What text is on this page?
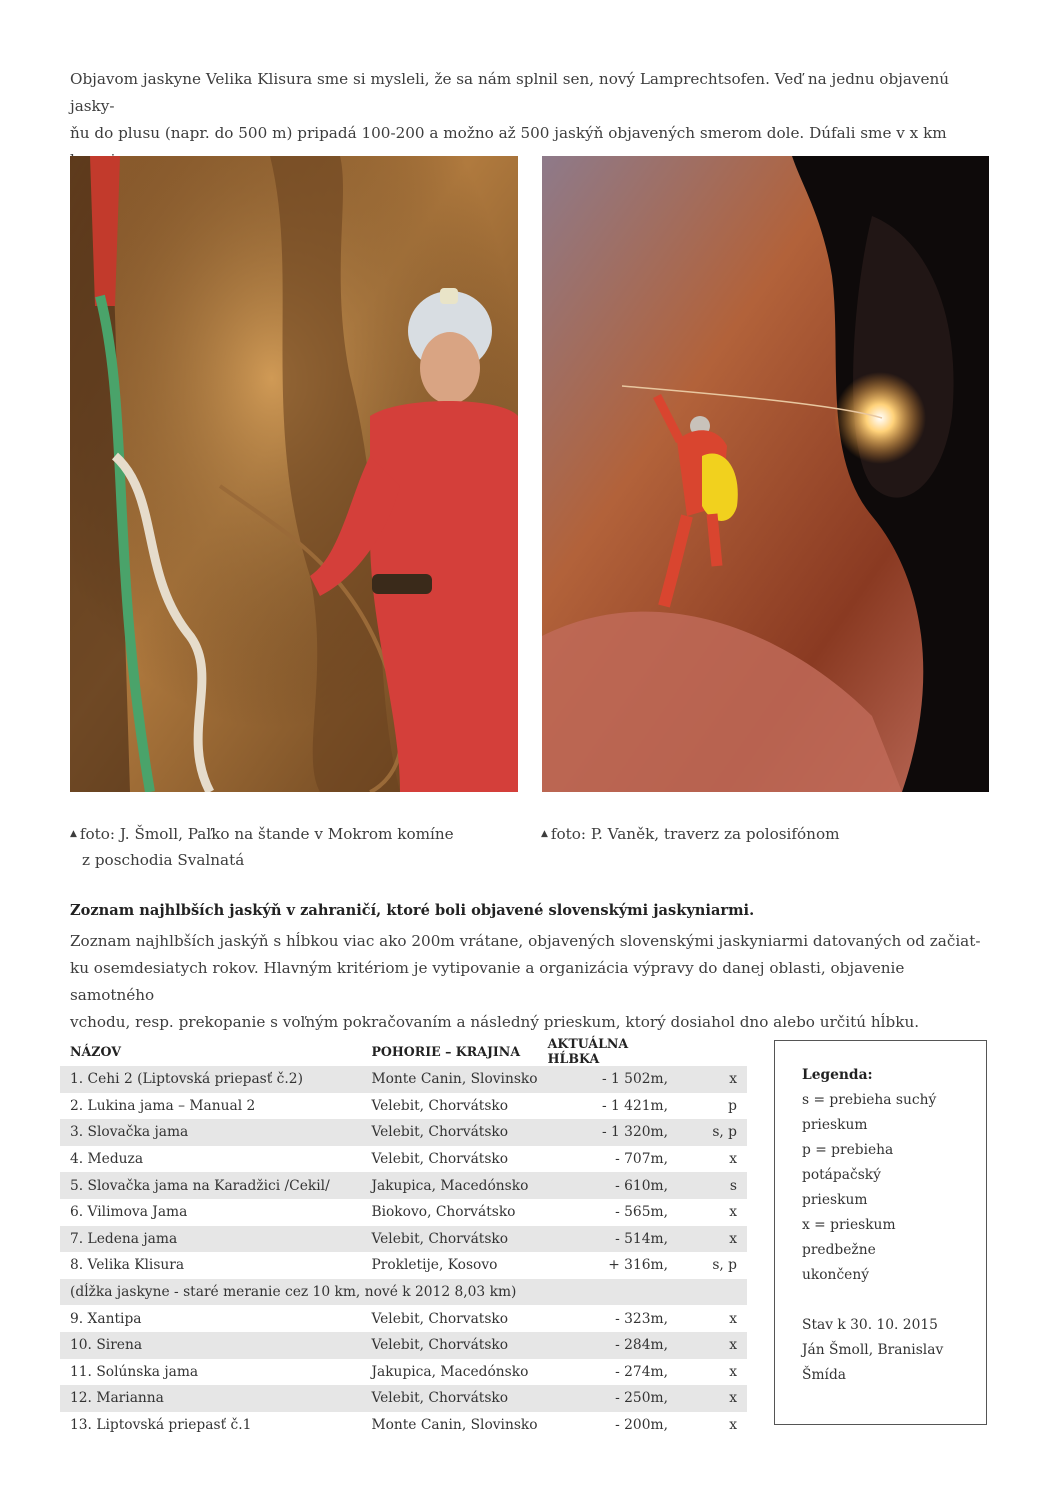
Objavom jaskyne Velika Klisura sme si mysleli, že sa nám splnil sen, nový Lamprechtsofen. Veď na jednu objavenú jasky-
ňu do plusu (napr. do 500 m) pripadá 100-200 a možno až 500 jaskýň objavených smerom dole. Dúfali sme v x km

▲ foto: J. Šmoll, Paľko na štande v Mokrom komíne
z poschodia Svalnatá
▲ foto: P. Vaněk, traverz za polosifónom

Zoznam najhlbších jaskýň v zahraničí, ktoré boli objavené slovenskými jaskyniarmi.

Zoznam najhlbších jaskýň s hĺbkou viac ako 200m vrátane, objavených slovenskými jaskyniarmi datovaných od začiat-
ku osemdesiatych rokov. Hlavným kritériom je vytipovanie a organizácia výpravy do danej oblasti, objavenie samotného
vchodu, resp. prekopanie s voľným pokračovaním a následný prieskum, ktorý dosiahol dno alebo určitú hĺbku.

NÁZOV	POHORIE – KRAJINA	AKTUÁLNA HĹBKA	
1. Cehi 2 (Liptovská priepasť č.2)	Monte Canin, Slovinsko	- 1 502m,	x
2. Lukina jama – Manual 2	Velebit, Chorvátsko	- 1 421m,	p
3. Slovačka jama	Velebit, Chorvátsko	- 1 320m,	s, p
4. Meduza	Velebit, Chorvátsko	- 707m,	x
5. Slovačka jama na Karadžici /Cekil/	Jakupica, Macedónsko	- 610m,	s
6. Vilimova Jama	Biokovo, Chorvátsko	- 565m,	x
7. Ledena jama	Velebit, Chorvátsko	- 514m,	x
8. Velika Klisura	Prokletije, Kosovo	+ 316m,	s, p
(dĺžka jaskyne - staré meranie cez 10 km, nové k 2012 8,03 km)			
9. Xantipa	Velebit, Chorvatsko	- 323m,	x
10. Sirena	Velebit, Chorvátsko	- 284m,	x
11. Solúnska jama	Jakupica, Macedónsko	- 274m,	x
12. Marianna	Velebit, Chorvátsko	- 250m,	x
13. Liptovská priepasť č.1	Monte Canin, Slovinsko	- 200m,	x
Legenda:
s = prebieha suchý
prieskum
p = prebieha potápačský
prieskum
x = prieskum predbežne
ukončený
Stav k 30. 10. 2015
Ján Šmoll, Branislav
Šmída
